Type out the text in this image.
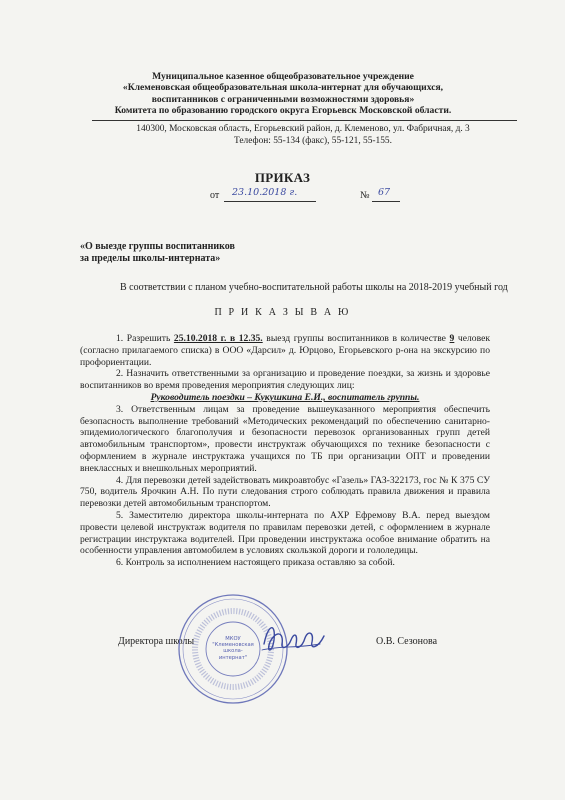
Муниципальное казенное общеобразовательное учреждение
«Клеменовская общеобразовательная школа-интернат для обучающихся,
воспитанников с ограниченными возможностями здоровья»
Комитета по образованию городского округа Егорьевск Московской области.
140300, Московская область, Егорьевский район, д. Клеменово, ул. Фабричная, д. 3
Телефон: 55-134 (факс), 55-121, 55-155.
ПРИКАЗ
от 23.10.2018 г.	№ 67
«О выезде группы воспитанников
за пределы школы-интерната»
В соответствии с планом учебно-воспитательной работы школы на 2018-2019 учебный год
П Р И К А З Ы В А Ю

1. Разрешить 25.10.2018 г. в 12.35. выезд группы воспитанников в количестве 9 человек (согласно прилагаемого списка) в ООО «Дарсил» д. Юрцово, Егорьевского р-она на экскурсию по профориентации.

2. Назначить ответственными за организацию и проведение поездки, за жизнь и здоровье воспитанников во время проведения мероприятия следующих лиц:

Руководитель поездки – Кукушкина Е.И., воспитатель группы.

3. Ответственным лицам за проведение вышеуказанного мероприятия обеспечить безопасность выполнение требований «Методических рекомендаций по обеспечению санитарно-эпидемиологического благополучия и безопасности перевозок организованных групп детей автомобильным транспортом», провести инструктаж обучающихся по технике безопасности с оформлением в журнале инструктажа учащихся по ТБ при организации ОПТ и проведении внеклассных и внешкольных мероприятий.

4. Для перевозки детей задействовать микроавтобус «Газель» ГАЗ-322173, гос № К 375 СУ 750, водитель Ярочкин А.Н. По пути следования строго соблюдать правила движения и правила перевозки детей автомобильным транспортом.

5. Заместителю директора школы-интерната по АХР Ефремову В.А. перед выездом провести целевой инструктаж водителя по правилам перевозки детей, с оформлением в журнале регистрации инструктажа водителей. При проведении инструктажа особое внимание обратить на особенности управления автомобилем в условиях скользкой дороги и гололедицы.

6. Контроль за исполнением настоящего приказа оставляю за собой.

Директора школы	О.В. Сезонова
МКОУ
"Клеменовская
школа-
интернат"
